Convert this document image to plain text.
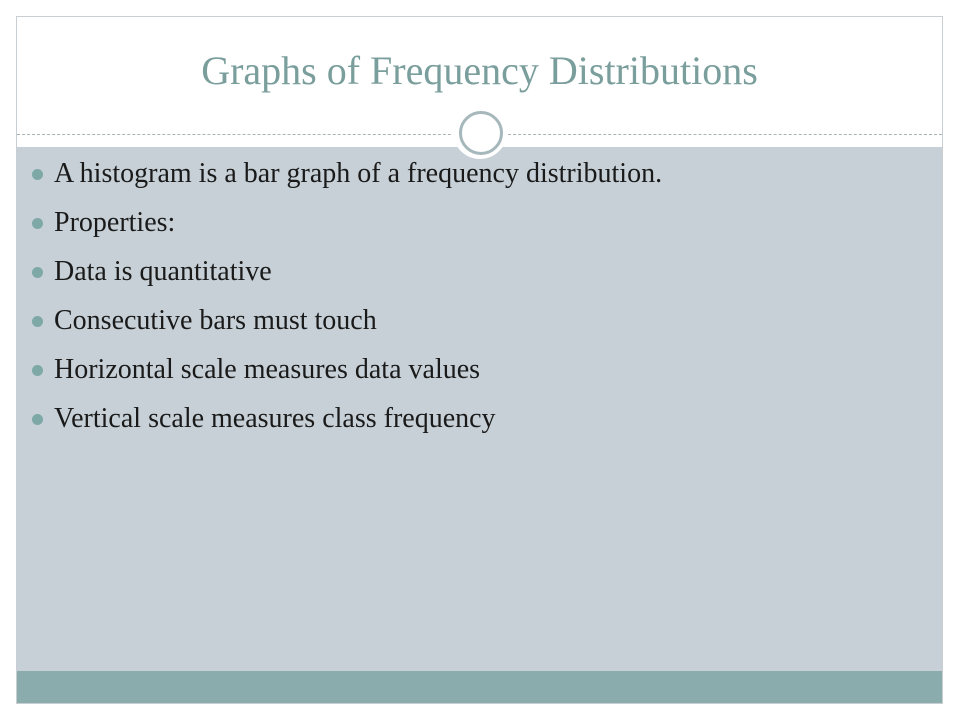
Graphs of Frequency Distributions
A histogram is a bar graph of a frequency distribution.
Properties:
Data is quantitative
Consecutive bars must touch
Horizontal scale measures data values
Vertical scale measures class frequency
